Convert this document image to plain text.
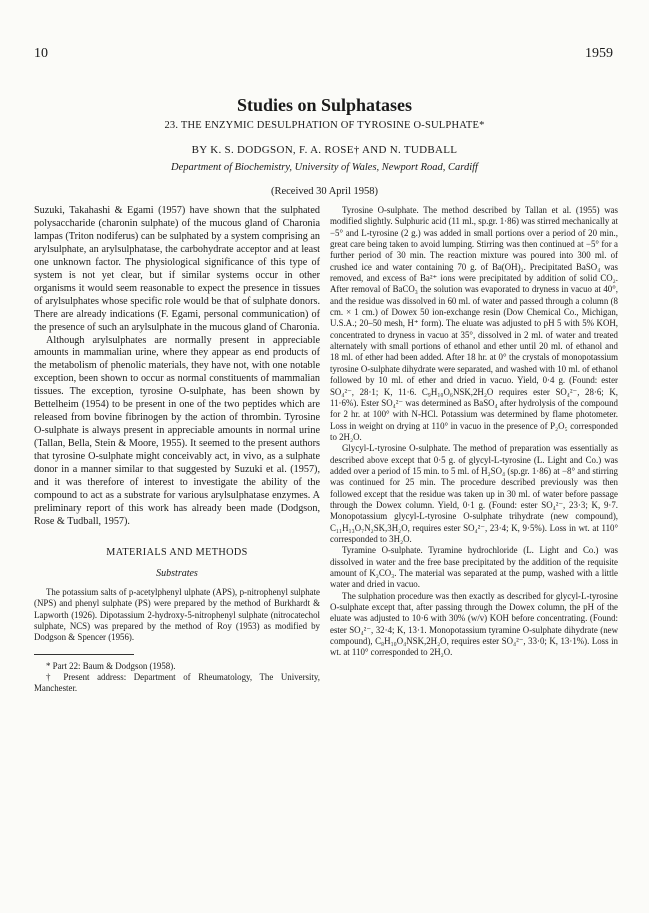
10	1959
Studies on Sulphatases
23. THE ENZYMIC DESULPHATION OF TYROSINE O-SULPHATE*
BY K. S. DODGSON, F. A. ROSE† AND N. TUDBALL
Department of Biochemistry, University of Wales, Newport Road, Cardiff
(Received 30 April 1958)

Suzuki, Takahashi & Egami (1957) have shown that the sulphated polysaccharide (charonin sulphate) of the mucous gland of Charonia lampas (Triton nodiferus) can be sulphated by a system comprising an arylsulphate, an arylsulphatase, the carbohydrate acceptor and at least one unknown factor. The physiological significance of this type of system is not yet clear, but if similar systems occur in other organisms it would seem reasonable to expect the presence in tissues of arylsulphates whose specific role would be that of sulphate donors. There are already indications (F. Egami, personal communication) of the presence of such an arylsulphate in the mucous gland of Charonia.

Although arylsulphates are normally present in appreciable amounts in mammalian urine, where they appear as end products of the metabolism of phenolic materials, they have not, with one notable exception, been shown to occur as normal constituents of mammalian tissues. The exception, tyrosine O-sulphate, has been shown by Bettelheim (1954) to be present in one of the two peptides which are released from bovine fibrinogen by the action of thrombin. Tyrosine O-sulphate is always present in appreciable amounts in normal urine (Tallan, Bella, Stein & Moore, 1955). It seemed to the present authors that tyrosine O-sulphate might conceivably act, in vivo, as a sulphate donor in a manner similar to that suggested by Suzuki et al. (1957), and it was therefore of interest to investigate the ability of the compound to act as a substrate for various arylsulphatase enzymes. A preliminary report of this work has already been made (Dodgson, Rose & Tudball, 1957).

MATERIALS AND METHODS
Substrates

The potassium salts of p-acetylphenyl ulphate (APS), p-nitrophenyl sulphate (NPS) and phenyl sulphate (PS) were prepared by the method of Burkhardt & Lapworth (1926). Dipotassium 2-hydroxy-5-nitrophenyl sulphate (nitrocatechol sulphate, NCS) was prepared by the method of Roy (1953) as modified by Dodgson & Spencer (1956).

* Part 22: Baum & Dodgson (1958).

† Present address: Department of Rheumatology, The University, Manchester.

Tyrosine O-sulphate. The method described by Tallan et al. (1955) was modified slightly. Sulphuric acid (11 ml., sp.gr. 1·86) was stirred mechanically at −5° and L-tyrosine (2 g.) was added in small portions over a period of 20 min., great care being taken to avoid lumping. Stirring was then continued at −5° for a further period of 30 min. The reaction mixture was poured into 300 ml. of crushed ice and water containing 70 g. of Ba(OH)₂. Precipitated BaSO₄ was removed, and excess of Ba²⁺ ions were precipitated by addition of solid CO₂. After removal of BaCO₃ the solution was evaporated to dryness in vacuo at 40°, and the residue was dissolved in 60 ml. of water and passed through a column (8 cm. × 1 cm.) of Dowex 50 ion-exchange resin (Dow Chemical Co., Michigan, U.S.A.; 20–50 mesh, H⁺ form). The eluate was adjusted to pH 5 with 5% KOH, concentrated to dryness in vacuo at 35°, dissolved in 2 ml. of water and treated alternately with small portions of ethanol and ether until 20 ml. of ethanol and 18 ml. of ether had been added. After 18 hr. at 0° the crystals of monopotassium tyrosine O-sulphate dihydrate were separated, and washed with 10 ml. of ethanol followed by 10 ml. of ether and dried in vacuo. Yield, 0·4 g. (Found: ester SO₄²⁻, 28·1; K, 11·6. C₉H₁₀O₆NSK,2H₂O requires ester SO₄²⁻, 28·6; K, 11·6%). Ester SO₄²⁻ was determined as BaSO₄ after hydrolysis of the compound for 2 hr. at 100° with N-HCl. Potassium was determined by flame photometer. Loss in weight on drying at 110° in vacuo in the presence of P₂O₅ corresponded to 2H₂O.

Glycyl-L-tyrosine O-sulphate. The method of preparation was essentially as described above except that 0·5 g. of glycyl-L-tyrosine (L. Light and Co.) was added over a period of 15 min. to 5 ml. of H₂SO₄ (sp.gr. 1·86) at −8° and stirring was continued for 25 min. The procedure described previously was then followed except that the residue was taken up in 30 ml. of water before passage through the Dowex column. Yield, 0·1 g. (Found: ester SO₄²⁻, 23·3; K, 9·7. Monopotassium glycyl-L-tyrosine O-sulphate trihydrate (new compound), C₁₁H₁₃O₇N₂SK,3H₂O, requires ester SO₄²⁻, 23·4; K, 9·5%). Loss in wt. at 110° corresponded to 3H₂O.

Tyramine O-sulphate. Tyramine hydrochloride (L. Light and Co.) was dissolved in water and the free base precipitated by the addition of the requisite amount of K₂CO₃. The material was separated at the pump, washed with a little water and dried in vacuo.

The sulphation procedure was then exactly as described for glycyl-L-tyrosine O-sulphate except that, after passing through the Dowex column, the pH of the eluate was adjusted to 10·6 with 30% (w/v) KOH before concentrating. (Found: ester SO₄²⁻, 32·4; K, 13·1. Monopotassium tyramine O-sulphate dihydrate (new compound), C₈H₁₀O₄NSK,2H₂O, requires ester SO₄²⁻, 33·0; K, 13·1%). Loss in wt. at 110° corresponded to 2H₂O.
